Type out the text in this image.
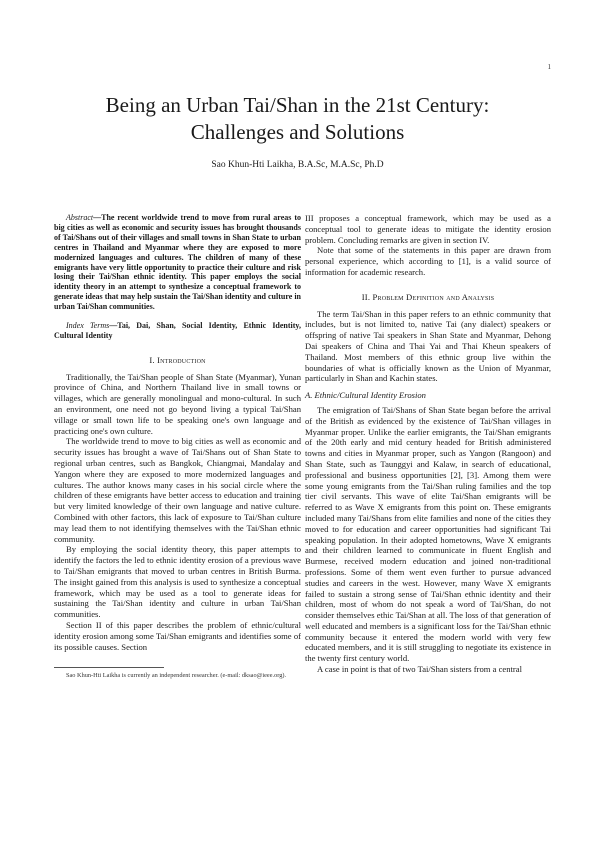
1
Being an Urban Tai/Shan in the 21st Century:
Challenges and Solutions
Sao Khun-Hti Laikha, B.A.Sc, M.A.Sc, Ph.D

Abstract—The recent worldwide trend to move from rural areas to big cities as well as economic and security issues has brought thousands of Tai/Shans out of their villages and small towns in Shan State to urban centres in Thailand and Myanmar where they are exposed to more modernized languages and cultures. The children of many of these emigrants have very little opportunity to practice their culture and risk losing their Tai/Shan ethnic identity. This paper employs the social identity theory in an attempt to synthesize a conceptual framework to generate ideas that may help sustain the Tai/Shan identity and culture in urban Tai/Shan communities.

Index Terms—Tai, Dai, Shan, Social Identity, Ethnic Identity, Cultural Identity

I. Introduction

Traditionally, the Tai/Shan people of Shan State (Myanmar), Yunan province of China, and Northern Thailand live in small towns or villages, which are generally monolingual and mono-cultural. In such an environment, one need not go beyond living a typical Tai/Shan village or small town life to be speaking one's own language and practicing one's own culture.

The worldwide trend to move to big cities as well as economic and security issues has brought a wave of Tai/Shans out of Shan State to regional urban centres, such as Bangkok, Chiangmai, Mandalay and Yangon where they are exposed to more modernized languages and cultures. The author knows many cases in his social circle where the children of these emigrants have better access to education and training but very limited knowledge of their own language and native culture. Combined with other factors, this lack of exposure to Tai/Shan culture may lead them to not identifying themselves with the Tai/Shan ethnic community.

By employing the social identity theory, this paper attempts to identify the factors the led to ethnic identity erosion of a previous wave to Tai/Shan emigrants that moved to urban centres in British Burma. The insight gained from this analysis is used to synthesize a conceptual framework, which may be used as a tool to generate ideas for sustaining the Tai/Shan identity and culture in urban Tai/Shan communities.

Section II of this paper describes the problem of ethnic/cultural identity erosion among some Tai/Shan emigrants and identifies some of its possible causes. Section

Sao Khun-Hti Laikha is currently an independent researcher. (e-mail: dksao@ieee.org).

III proposes a conceptual framework, which may be used as a conceptual tool to generate ideas to mitigate the identity erosion problem. Concluding remarks are given in section IV.

Note that some of the statements in this paper are drawn from personal experience, which according to [1], is a valid source of information for academic research.

II. Problem Definition and Analysis

The term Tai/Shan in this paper refers to an ethnic community that includes, but is not limited to, native Tai (any dialect) speakers or offspring of native Tai speakers in Shan State and Myanmar, Dehong Dai speakers of China and Thai Yai and Thai Kheun speakers of Thailand. Most members of this ethnic group live within the boundaries of what is officially known as the Union of Myanmar, particularly in Shan and Kachin states.

A. Ethnic/Cultural Identity Erosion

The emigration of Tai/Shans of Shan State began before the arrival of the British as evidenced by the existence of Tai/Shan villages in Myanmar proper. Unlike the earlier emigrants, the Tai/Shan emigrants of the 20th early and mid century headed for British administered towns and cities in Myanmar proper, such as Yangon (Rangoon) and Shan State, such as Taunggyi and Kalaw, in search of educational, professional and business opportunities [2], [3]. Among them were some young emigrants from the Tai/Shan ruling families and the top tier civil servants. This wave of elite Tai/Shan emigrants will be referred to as Wave X emigrants from this point on. These emigrants included many Tai/Shans from elite families and none of the cities they moved to for education and career opportunities had significant Tai speaking population. In their adopted hometowns, Wave X emigrants and their children learned to communicate in fluent English and Burmese, received modern education and joined non-traditional professions. Some of them went even further to pursue advanced studies and careers in the west. However, many Wave X emigrants failed to sustain a strong sense of Tai/Shan ethnic identity and their children, most of whom do not speak a word of Tai/Shan, do not consider themselves ethic Tai/Shan at all. The loss of that generation of well educated and members is a significant loss for the Tai/Shan ethnic community because it entered the modern world with very few educated members, and it is still struggling to negotiate its existence in the twenty first century world.

A case in point is that of two Tai/Shan sisters from a central
